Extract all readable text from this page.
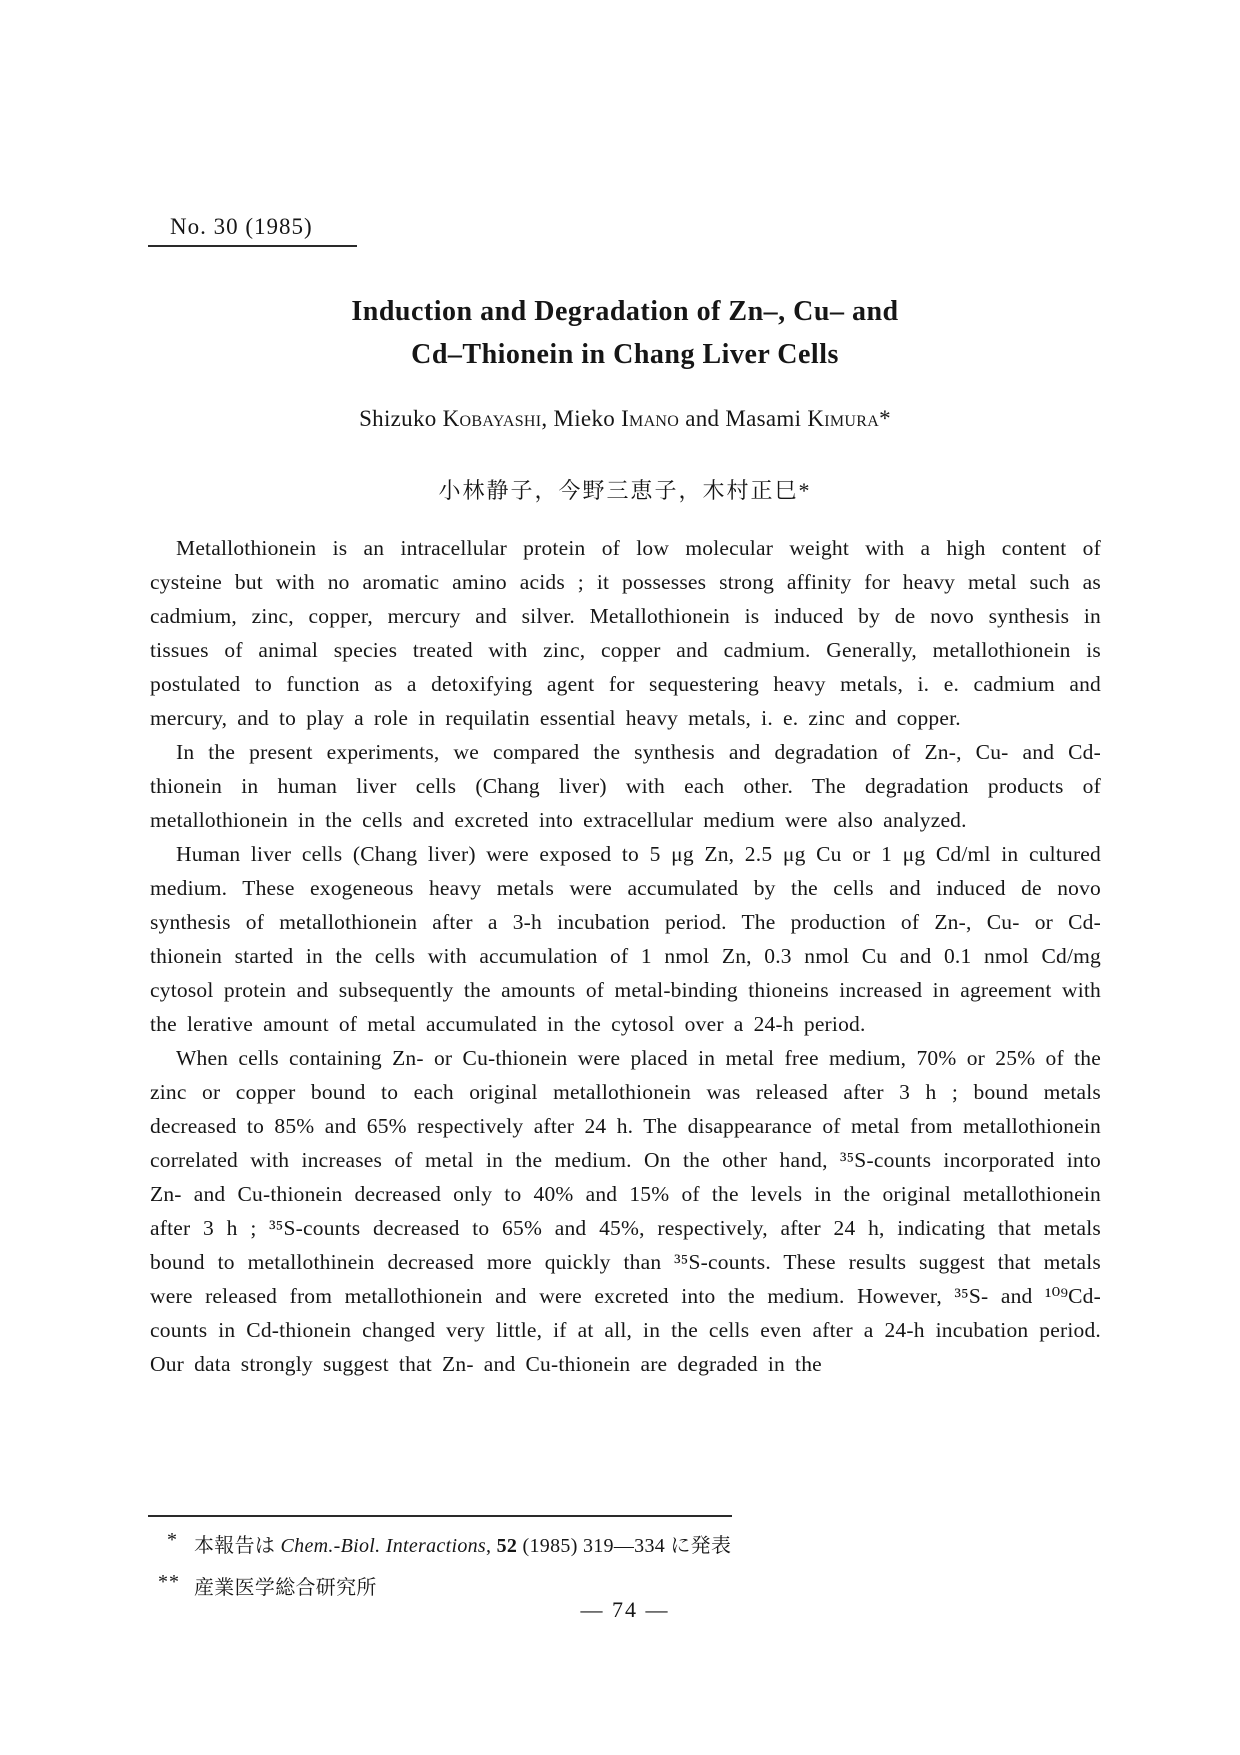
No. 30 (1985)
Induction and Degradation of Zn–, Cu– and
Cd–Thionein in Chang Liver Cells
Shizuko Kobayashi, Mieko Imano and Masami Kimura*
小林静子，今野三恵子，木村正巳*

Metallothionein is an intracellular protein of low molecular weight with a high content of cysteine but with no aromatic amino acids ; it possesses strong affinity for heavy metal such as cadmium, zinc, copper, mercury and silver. Metallothionein is induced by de novo synthesis in tissues of animal species treated with zinc, copper and cadmium. Generally, metallothionein is postulated to function as a detoxifying agent for sequestering heavy metals, i. e. cadmium and mercury, and to play a role in requilatin essential heavy metals, i. e. zinc and copper.

In the present experiments, we compared the synthesis and degradation of Zn-, Cu- and Cd-thionein in human liver cells (Chang liver) with each other. The degradation products of metallothionein in the cells and excreted into extracellular medium were also analyzed.

Human liver cells (Chang liver) were exposed to 5 μg Zn, 2.5 μg Cu or 1 μg Cd/ml in cultured medium. These exogeneous heavy metals were accumulated by the cells and induced de novo synthesis of metallothionein after a 3-h incubation period. The production of Zn-, Cu- or Cd-thionein started in the cells with accumulation of 1 nmol Zn, 0.3 nmol Cu and 0.1 nmol Cd/mg cytosol protein and subsequently the amounts of metal-binding thioneins increased in agreement with the lerative amount of metal accumulated in the cytosol over a 24-h period.

When cells containing Zn- or Cu-thionein were placed in metal free medium, 70% or 25% of the zinc or copper bound to each original metallothionein was released after 3 h ; bound metals decreased to 85% and 65% respectively after 24 h. The disappearance of metal from metallothionein correlated with increases of metal in the medium. On the other hand, ³⁵S-counts incorporated into Zn- and Cu-thionein decreased only to 40% and 15% of the levels in the original metallothionein after 3 h ; ³⁵S-counts decreased to 65% and 45%, respectively, after 24 h, indicating that metals bound to metallothinein decreased more quickly than ³⁵S-counts. These results suggest that metals were released from metallothionein and were excreted into the medium. However, ³⁵S- and ¹⁰⁹Cd-counts in Cd-thionein changed very little, if at all, in the cells even after a 24-h incubation period. Our data strongly suggest that Zn- and Cu-thionein are degraded in the

* 本報告は Chem.-Biol. Interactions, 52 (1985) 319—334 に発表
** 産業医学総合研究所
— 74 —
